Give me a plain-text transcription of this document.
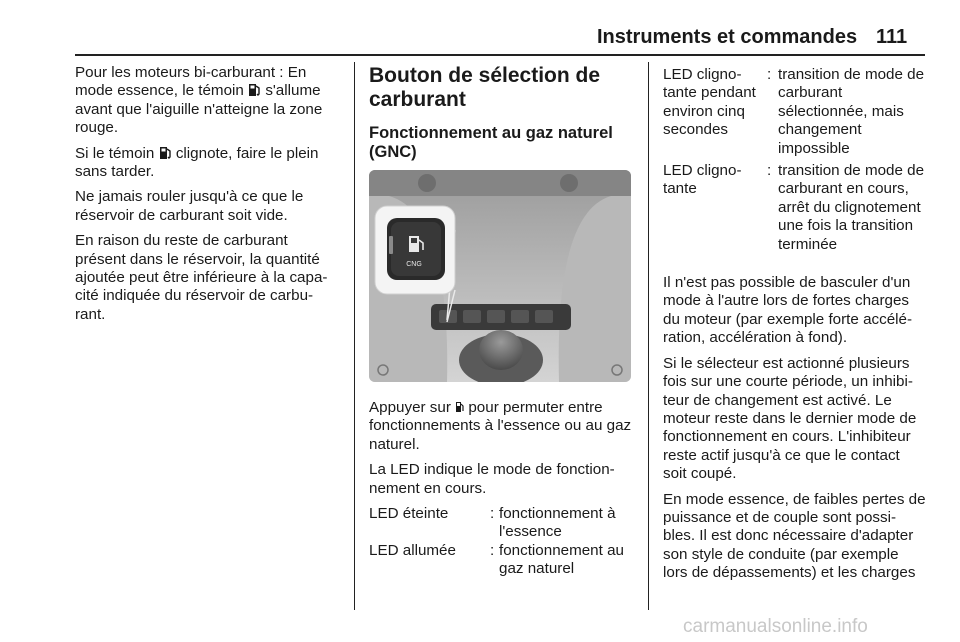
Instruments et commandes 111

Pour les moteurs bi-carburant : En mode essence, le témoin s'allume avant que l'aiguille n'atteigne la zone rouge.

Si le témoin clignote, faire le plein sans tarder.

Ne jamais rouler jusqu'à ce que le réservoir de carburant soit vide.

En raison du reste de carburant présent dans le réservoir, la quantité ajoutée peut être inférieure à la capa-cité indiquée du réservoir de carbu-rant.

Bouton de sélection de carburant
Fonctionnement au gaz naturel (GNC)
CNG

Appuyer sur pour permuter entre fonctionnements à l'essence ou au gaz naturel.

La LED indique le mode de fonction-nement en cours.

LED éteinte	: fonctionnement à l'essence
LED allumée	: fonctionnement au gaz naturel
LED cligno-tante pendant environ cinq secondes
: transition de mode de carburant sélectionnée, mais changement impossible
LED cligno-tante
: transition de mode de carburant en cours, arrêt du clignotement une fois la transition terminée

Il n'est pas possible de basculer d'un mode à l'autre lors de fortes charges du moteur (par exemple forte accélé-ration, accélération à fond).

Si le sélecteur est actionné plusieurs fois sur une courte période, un inhibi-teur de changement est activé. Le moteur reste dans le dernier mode de fonctionnement en cours. L'inhibiteur reste actif jusqu'à ce que le contact soit coupé.

En mode essence, de faibles pertes de puissance et de couple sont possi-bles. Il est donc nécessaire d'adapter son style de conduite (par exemple lors de dépassements) et les charges

carmanualsonline.info
